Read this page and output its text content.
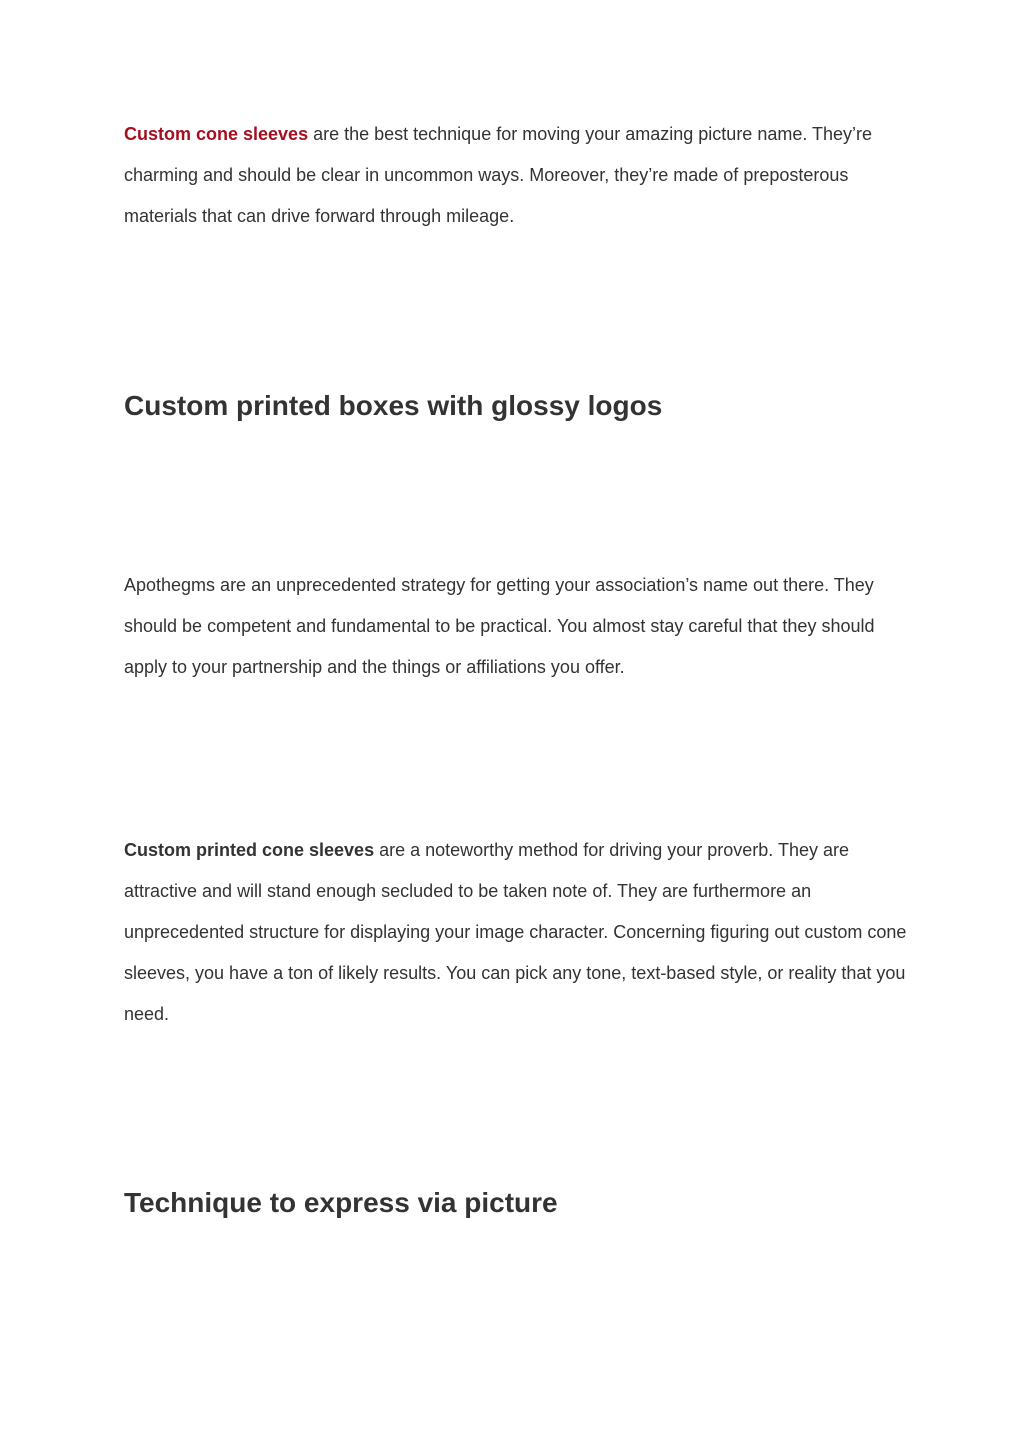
Custom cone sleeves are the best technique for moving your amazing picture name. They’re charming and should be clear in uncommon ways. Moreover, they’re made of preposterous materials that can drive forward through mileage.

Custom printed boxes with glossy logos

Apothegms are an unprecedented strategy for getting your association’s name out there. They should be competent and fundamental to be practical. You almost stay careful that they should apply to your partnership and the things or affiliations you offer.

Custom printed cone sleeves are a noteworthy method for driving your proverb. They are attractive and will stand enough secluded to be taken note of. They are furthermore an unprecedented structure for displaying your image character. Concerning figuring out custom cone sleeves, you have a ton of likely results. You can pick any tone, text-based style, or reality that you need.

Technique to express via picture
